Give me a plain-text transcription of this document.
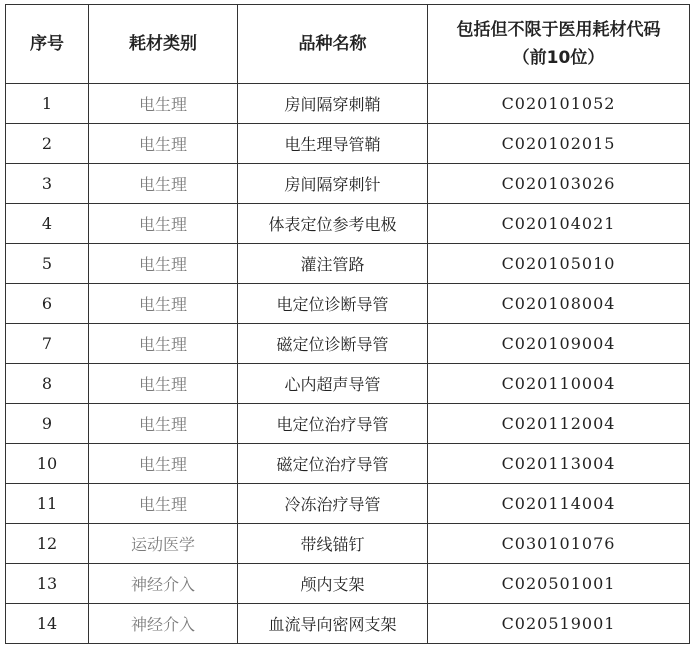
序号	耗材类别	品种名称	包括但不限于医用耗材代码
（前10位）

1	电生理	房间隔穿刺鞘	C020101052
2	电生理	电生理导管鞘	C020102015
3	电生理	房间隔穿刺针	C020103026
4	电生理	体表定位参考电极	C020104021
5	电生理	灌注管路	C020105010
6	电生理	电定位诊断导管	C020108004
7	电生理	磁定位诊断导管	C020109004
8	电生理	心内超声导管	C020110004
9	电生理	电定位治疗导管	C020112004
10	电生理	磁定位治疗导管	C020113004
11	电生理	冷冻治疗导管	C020114004
12	运动医学	带线锚钉	C030101076
13	神经介入	颅内支架	C020501001
14	神经介入	血流导向密网支架	C020519001
